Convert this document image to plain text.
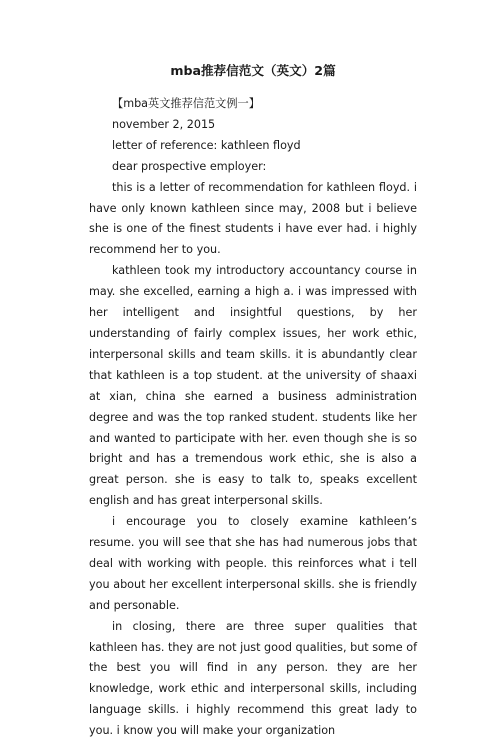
mba推荐信范文（英文）2篇

【mba英文推荐信范文例一】

november 2, 2015

letter of reference: kathleen floyd

dear prospective employer:

this is a letter of recommendation for kathleen floyd. i have only known kathleen since may, 2008 but i believe she is one of the finest students i have ever had. i highly recommend her to you.

kathleen took my introductory accountancy course in may. she excelled, earning a high a. i was impressed with her intelligent and insightful questions, by her understanding of fairly complex issues, her work ethic, interpersonal skills and team skills. it is abundantly clear that kathleen is a top student. at the university of shaaxi at xian, china she earned a business administration degree and was the top ranked student. students like her and wanted to participate with her. even though she is so bright and has a tremendous work ethic, she is also a great person. she is easy to talk to, speaks excellent english and has great interpersonal skills.

i encourage you to closely examine kathleen’s resume. you will see that she has had numerous jobs that deal with working with people. this reinforces what i tell you about her excellent interpersonal skills. she is friendly and personable.

in closing, there are three super qualities that kathleen has. they are not just good qualities, but some of the best you will find in any person. they are her knowledge, work ethic and interpersonal skills, including language skills. i highly recommend this great lady to you. i know you will make your organization
